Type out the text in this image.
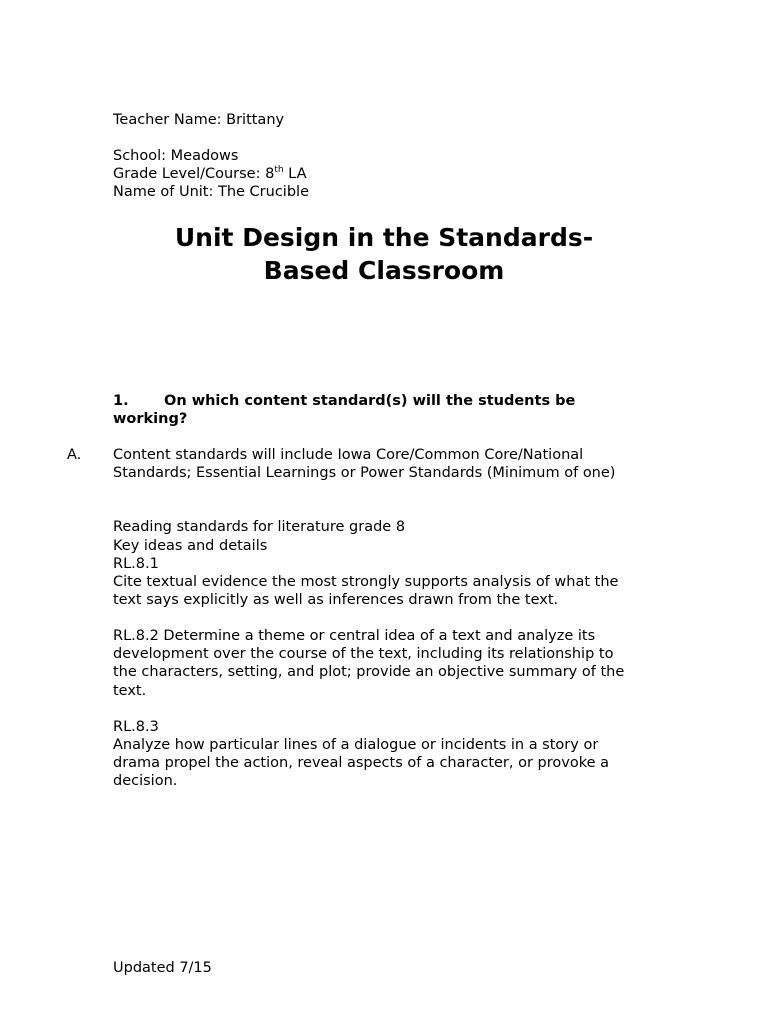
Teacher Name: Brittany
School: Meadows
Grade Level/Course: 8th LA
Name of Unit: The Crucible
Unit Design in the Standards-
Based Classroom
1. On which content standard(s) will the students be
working?
A. Content standards will include Iowa Core/Common Core/National
Standards; Essential Learnings or Power Standards (Minimum of one)
Reading standards for literature grade 8
Key ideas and details
RL.8.1
Cite textual evidence the most strongly supports analysis of what the
text says explicitly as well as inferences drawn from the text.
RL.8.2 Determine a theme or central idea of a text and analyze its
development over the course of the text, including its relationship to
the characters, setting, and plot; provide an objective summary of the
text.
RL.8.3
Analyze how particular lines of a dialogue or incidents in a story or
drama propel the action, reveal aspects of a character, or provoke a
decision.
Updated 7/15
